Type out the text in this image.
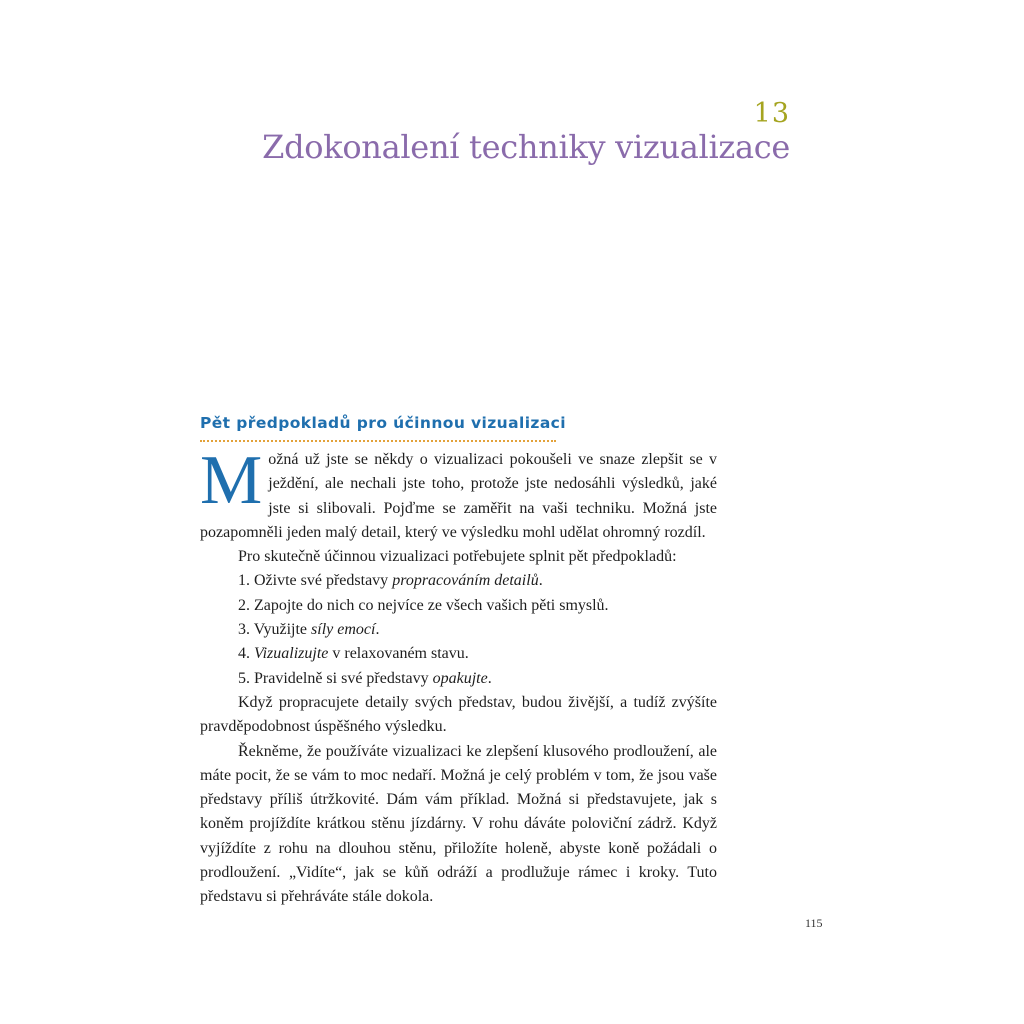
13
Zdokonalení techniky vizualizace
Pět předpokladů pro účinnou vizualizaci

Možná už jste se někdy o vizualizaci pokoušeli ve snaze zlepšit se v ježdění, ale nechali jste toho, protože jste nedosáhli výsledků, jaké jste si slibovali. Pojďme se zaměřit na vaši techniku. Možná jste pozapomněli jeden malý detail, který ve výsledku mohl udělat ohromný rozdíl.

Pro skutečně účinnou vizualizaci potřebujete splnit pět předpokladů:

1. Oživte své představy propracováním detailů.
2. Zapojte do nich co nejvíce ze všech vašich pěti smyslů.
3. Využijte síly emocí.
4. Vizualizujte v relaxovaném stavu.
5. Pravidelně si své představy opakujte.

Když propracujete detaily svých představ, budou živější, a tudíž zvýšíte pravděpodobnost úspěšného výsledku.

Řekněme, že používáte vizualizaci ke zlepšení klusového prodloužení, ale máte pocit, že se vám to moc nedaří. Možná je celý problém v tom, že jsou vaše představy příliš útržkovité. Dám vám příklad. Možná si představujete, jak s koněm projíždíte krátkou stěnu jízdárny. V rohu dáváte poloviční zádrž. Když vyjíždíte z rohu na dlouhou stěnu, přiložíte holeně, abyste koně požádali o prodloužení. „Vidíte“, jak se kůň odráží a prodlužuje rámec i kroky. Tuto představu si přehráváte stále dokola.

115
